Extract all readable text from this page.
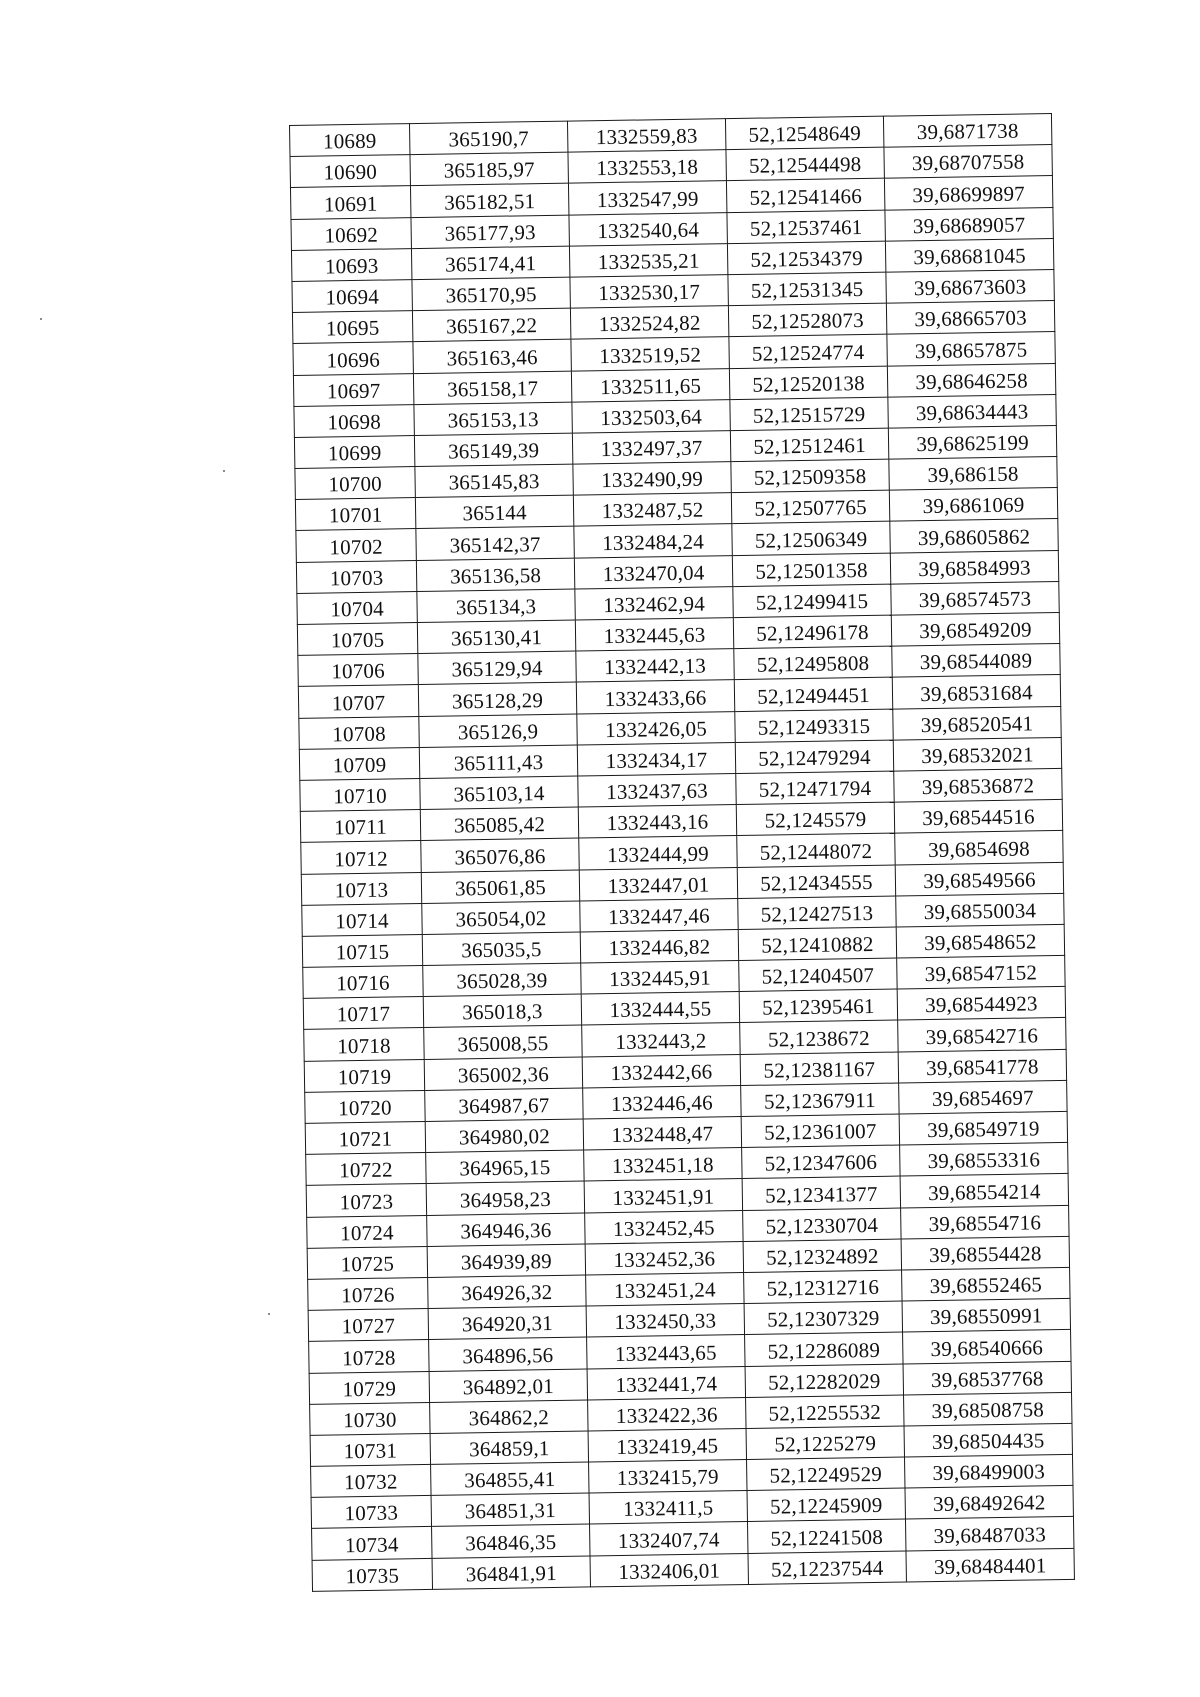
10689	365190,7	1332559,83	52,12548649	39,6871738
10690	365185,97	1332553,18	52,12544498	39,68707558
10691	365182,51	1332547,99	52,12541466	39,68699897
10692	365177,93	1332540,64	52,12537461	39,68689057
10693	365174,41	1332535,21	52,12534379	39,68681045
10694	365170,95	1332530,17	52,12531345	39,68673603
10695	365167,22	1332524,82	52,12528073	39,68665703
10696	365163,46	1332519,52	52,12524774	39,68657875
10697	365158,17	1332511,65	52,12520138	39,68646258
10698	365153,13	1332503,64	52,12515729	39,68634443
10699	365149,39	1332497,37	52,12512461	39,68625199
10700	365145,83	1332490,99	52,12509358	39,686158
10701	365144	1332487,52	52,12507765	39,6861069
10702	365142,37	1332484,24	52,12506349	39,68605862
10703	365136,58	1332470,04	52,12501358	39,68584993
10704	365134,3	1332462,94	52,12499415	39,68574573
10705	365130,41	1332445,63	52,12496178	39,68549209
10706	365129,94	1332442,13	52,12495808	39,68544089
10707	365128,29	1332433,66	52,12494451	39,68531684
10708	365126,9	1332426,05	52,12493315	39,68520541
10709	365111,43	1332434,17	52,12479294	39,68532021
10710	365103,14	1332437,63	52,12471794	39,68536872
10711	365085,42	1332443,16	52,1245579	39,68544516
10712	365076,86	1332444,99	52,12448072	39,6854698
10713	365061,85	1332447,01	52,12434555	39,68549566
10714	365054,02	1332447,46	52,12427513	39,68550034
10715	365035,5	1332446,82	52,12410882	39,68548652
10716	365028,39	1332445,91	52,12404507	39,68547152
10717	365018,3	1332444,55	52,12395461	39,68544923
10718	365008,55	1332443,2	52,1238672	39,68542716
10719	365002,36	1332442,66	52,12381167	39,68541778
10720	364987,67	1332446,46	52,12367911	39,6854697
10721	364980,02	1332448,47	52,12361007	39,68549719
10722	364965,15	1332451,18	52,12347606	39,68553316
10723	364958,23	1332451,91	52,12341377	39,68554214
10724	364946,36	1332452,45	52,12330704	39,68554716
10725	364939,89	1332452,36	52,12324892	39,68554428
10726	364926,32	1332451,24	52,12312716	39,68552465
10727	364920,31	1332450,33	52,12307329	39,68550991
10728	364896,56	1332443,65	52,12286089	39,68540666
10729	364892,01	1332441,74	52,12282029	39,68537768
10730	364862,2	1332422,36	52,12255532	39,68508758
10731	364859,1	1332419,45	52,1225279	39,68504435
10732	364855,41	1332415,79	52,12249529	39,68499003
10733	364851,31	1332411,5	52,12245909	39,68492642
10734	364846,35	1332407,74	52,12241508	39,68487033
10735	364841,91	1332406,01	52,12237544	39,68484401
